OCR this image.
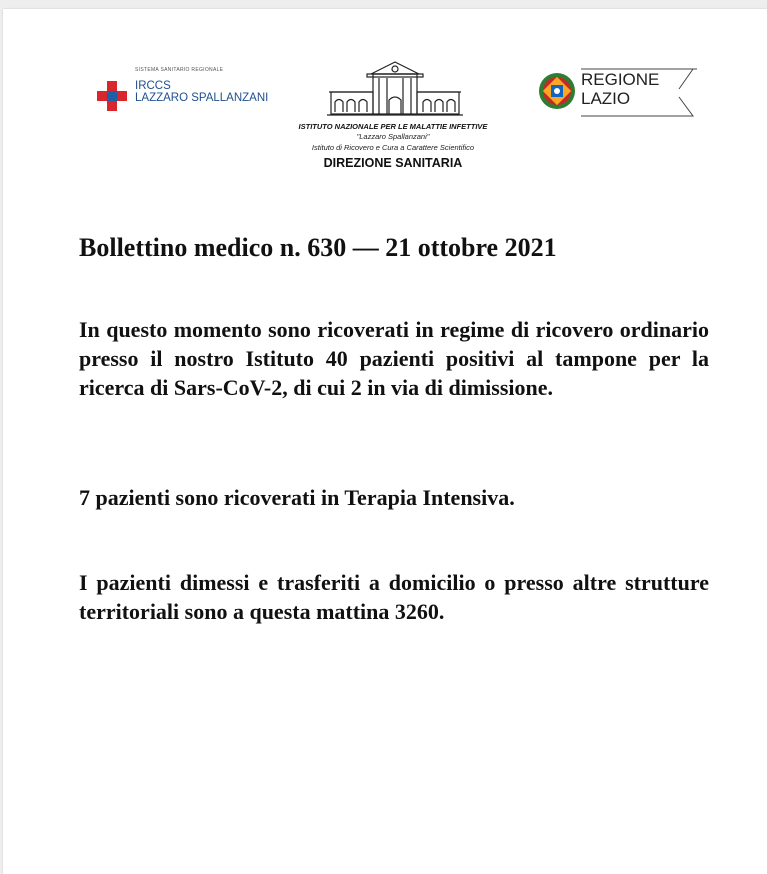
SISTEMA SANITARIO REGIONALE
IRCCS
LAZZARO SPALLANZANI
ISTITUTO NAZIONALE PER LE MALATTIE INFETTIVE
"Lazzaro Spallanzani"
Istituto di Ricovero e Cura a Carattere Scientifico
DIREZIONE SANITARIA
REGIONE
LAZIO
Bollettino medico n. 630 — 21 ottobre 2021
In questo momento sono ricoverati in regime di ricovero ordinario presso il nostro Istituto 40 pazienti positivi al tampone per la ricerca di Sars-CoV-2, di cui 2 in via di dimissione.
7 pazienti sono ricoverati in Terapia Intensiva.
I pazienti dimessi e trasferiti a domicilio o presso altre strutture territoriali sono a questa mattina 3260.
